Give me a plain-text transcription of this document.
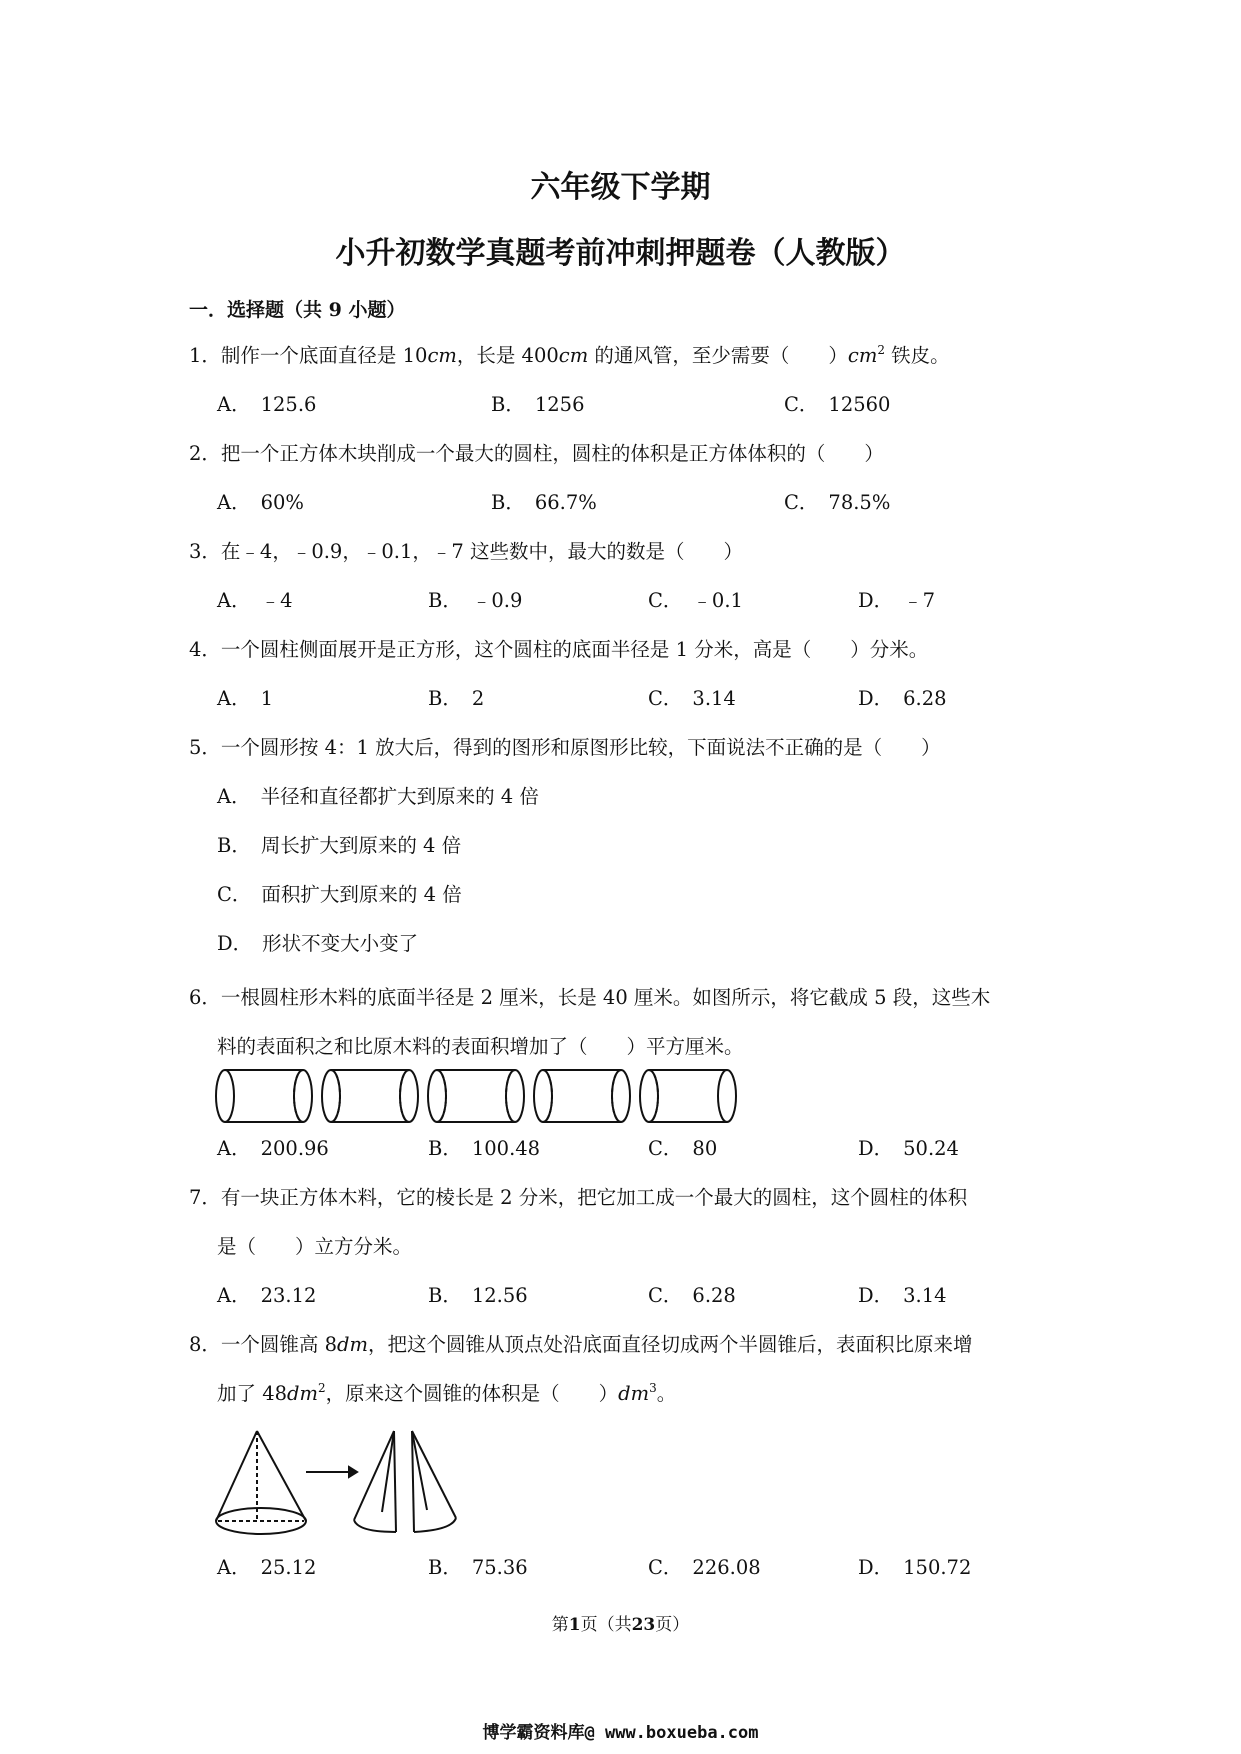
六年级下学期
小升初数学真题考前冲刺押题卷（人教版）
一．选择题（共 9 小题）
1．制作一个底面直径是 10cm，长是 400cm 的通风管，至少需要（　　）$cm^2$ 铁皮。
A． 125.6	B． 1256	C． 12560
2．把一个正方体木块削成一个最大的圆柱，圆柱的体积是正方体体积的（　　）
A． 60%	B． 66.7%	C． 78.5%
3．在﹣4，﹣0.9，﹣0.1，﹣7 这些数中，最大的数是（　　）
A． ﹣4	B． ﹣0.9	C． ﹣0.1	D． ﹣7
4．一个圆柱侧面展开是正方形，这个圆柱的底面半径是 1 分米，高是（　　）分米。
A． 1	B． 2	C． 3.14	D． 6.28
5．一个圆形按 4：1 放大后，得到的图形和原图形比较，下面说法不正确的是（　　）
A． 半径和直径都扩大到原来的 4 倍
B． 周长扩大到原来的 4 倍
C． 面积扩大到原来的 4 倍
D． 形状不变大小变了
6．一根圆柱形木料的底面半径是 2 厘米，长是 40 厘米。如图所示，将它截成 5 段，这些木
料的表面积之和比原木料的表面积增加了（　　）平方厘米。
A． 200.96	B． 100.48	C． 80	D． 50.24
7．有一块正方体木料，它的棱长是 2 分米，把它加工成一个最大的圆柱，这个圆柱的体积
是（　　）立方分米。
A． 23.12	B． 12.56	C． 6.28	D． 3.14
8．一个圆锥高 8dm，把这个圆锥从顶点处沿底面直径切成两个半圆锥后，表面积比原来增
加了 $48dm^2$，原来这个圆锥的体积是（　　）$dm^3$。
A． 25.12	B． 75.36	C． 226.08	D． 150.72
第1页（共23页）
博学霸资料库@ www.boxueba.com
